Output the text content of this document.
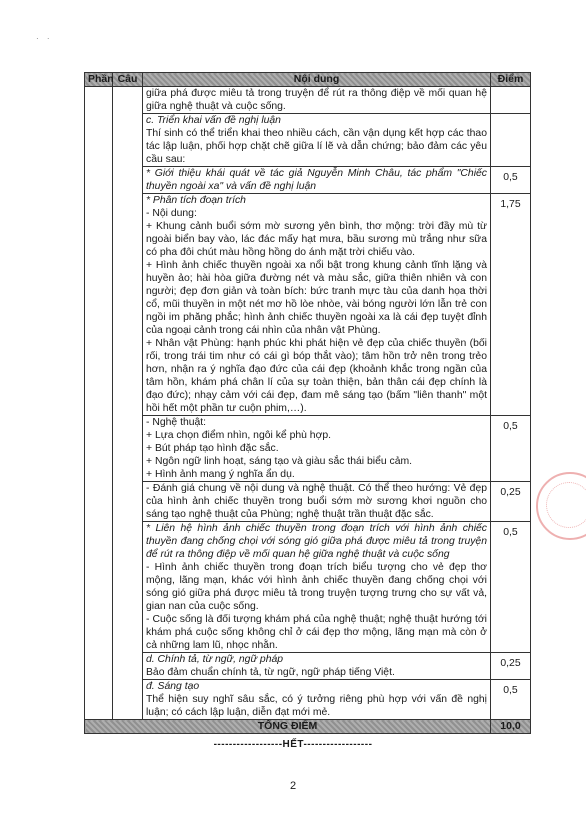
· ·
Phần	Câu	Nội dung	Điểm

		giữa phá được miêu tả trong truyện để rút ra thông điệp về mối quan hệ giữa nghệ thuật và cuộc sống.	

		c. Triển khai vấn đề nghị luận

Thí sinh có thể triển khai theo nhiều cách, cần vận dụng kết hợp các thao tác lập luận, phối hợp chặt chẽ giữa lí lẽ và dẫn chứng; bảo đảm các yêu cầu sau:	

		* Giới thiệu khái quát về tác giả Nguyễn Minh Châu, tác phẩm "Chiếc thuyền ngoài xa" và vấn đề nghị luận	0,5

		* Phân tích đoạn trích

- Nội dung:

+ Khung cảnh buổi sớm mờ sương yên bình, thơ mộng: trời đầy mù từ ngoài biển bay vào, lác đác mấy hạt mưa, bầu sương mù trắng như sữa có pha đôi chút màu hồng hồng do ánh mặt trời chiếu vào.

+ Hình ảnh chiếc thuyền ngoài xa nổi bật trong khung cảnh tĩnh lặng và huyền ảo; hài hòa giữa đường nét và màu sắc, giữa thiên nhiên và con người; đẹp đơn giản và toàn bích: bức tranh mực tàu của danh họa thời cổ, mũi thuyền in một nét mơ hồ lòe nhòe, vài bóng người lớn lẫn trẻ con ngồi im phăng phắc; hình ảnh chiếc thuyền ngoài xa là cái đẹp tuyệt đỉnh của ngoại cảnh trong cái nhìn của nhân vật Phùng.

+ Nhân vật Phùng: hạnh phúc khi phát hiện vẻ đẹp của chiếc thuyền (bối rối, trong trái tim như có cái gì bóp thắt vào); tâm hồn trở nên trong trẻo hơn, nhận ra ý nghĩa đạo đức của cái đẹp (khoảnh khắc trong ngần của tâm hồn, khám phá chân lí của sự toàn thiện, bản thân cái đẹp chính là đạo đức); nhạy cảm với cái đẹp, đam mê sáng tạo (bấm "liên thanh" một hồi hết một phần tư cuộn phim,…).	1,75

		- Nghệ thuật:

+ Lựa chọn điểm nhìn, ngôi kể phù hợp.

+ Bút pháp tạo hình đặc sắc.

+ Ngôn ngữ linh hoạt, sáng tạo và giàu sắc thái biểu cảm.

+ Hình ảnh mang ý nghĩa ẩn dụ.	0,5

		- Đánh giá chung về nội dung và nghệ thuật. Có thể theo hướng: Vẻ đẹp của hình ảnh chiếc thuyền trong buổi sớm mờ sương khơi nguồn cho sáng tạo nghệ thuật của Phùng; nghệ thuật trần thuật đặc sắc.	0,25

		* Liên hệ hình ảnh chiếc thuyền trong đoạn trích với hình ảnh chiếc thuyền đang chống chọi với sóng gió giữa phá được miêu tả trong truyện để rút ra thông điệp về mối quan hệ giữa nghệ thuật và cuộc sống

- Hình ảnh chiếc thuyền trong đoạn trích biểu tượng cho vẻ đẹp thơ mộng, lãng mạn, khác với hình ảnh chiếc thuyền đang chống chọi với sóng gió giữa phá được miêu tả trong truyện tượng trưng cho sự vất vả, gian nan của cuộc sống.

- Cuộc sống là đối tượng khám phá của nghệ thuật; nghệ thuật hướng tới khám phá cuộc sống không chỉ ở cái đẹp thơ mộng, lãng mạn mà còn ở cả những lam lũ, nhọc nhằn.	0,5

		d. Chính tả, từ ngữ, ngữ pháp

Bảo đảm chuẩn chính tả, từ ngữ, ngữ pháp tiếng Việt.	0,25

		đ. Sáng tạo

Thể hiện suy nghĩ sâu sắc, có ý tưởng riêng phù hợp với vấn đề nghị luận; có cách lập luận, diễn đạt mới mẻ.	0,5
TỔNG ĐIỂM			10,0
------------------HẾT------------------
2
